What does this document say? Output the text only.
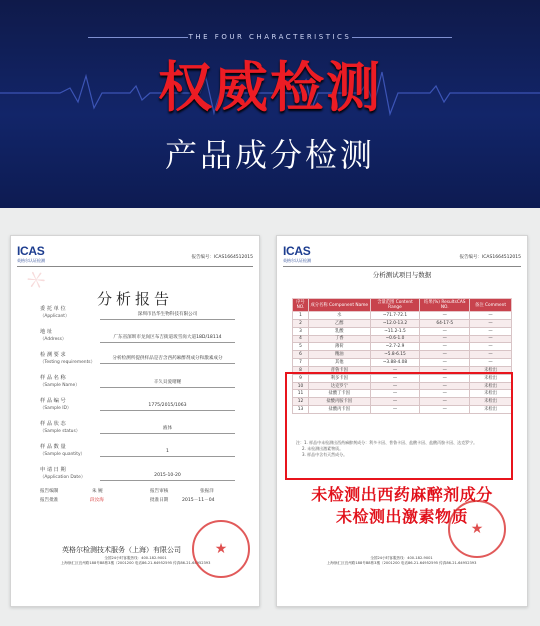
THE FOUR CHARACTERISTICS
权威检测
产品成分检测
ICAS
英格尔认证检测
报告编号：ICAS1664512015
＊
分析报告
委 托 单 位
（Applicant）	深圳市昌华生物科技有限公司
地 址
（Address）	广东省深圳市龙岗区布吉街道坂雪岗大道18D/18114
检 测 要 求
（Testing requirements）
分析检测所提供样品是否含西药麻醉剂成分和激素成分
样 品 名 称
（Sample Name）
辛久貝爱啫喱
样 品 编 号
（Sample ID）
1775/2015/1063
样 品 状 态
（Sample status）
液体
样 品 数 量
（Sample quantity）
1
申 请 日 期
（Application Date）	2015-10-20
报告编制	朱 婉	报告审核	张振洋
报告批准	段汝海	批准日期	2015－11－04
英格尔检测技术服务（上海）有限公司
全国24小时客服热线：400-182-9001
上海徐汇区宜州路188号B8栋3楼（2001200 电话86-21-64952595 传真86-21-64952393
★
ICAS
英格尔认证检测
报告编号：ICAS1664512015
分析测试项目与数据
序号 NO.	成分名称 Component Name	含量范围 Content Range	结果(%) ResultsCAS NO.	备注 Comment
1	水	~71.7-72.1	—	—
2	乙醇	~12.0-13.2	64-17-5	—
3	乳酸	~11.2-1.5	—	—
4	丁香	~0.6-1.0	—	—
5	薄荷	~2.7-2.9	—	—
6	精油	~5.8-6.15	—	—
7	其他	~3.88-4.08	—	—
8	普鲁卡因	—	—	未检出
9	利多卡因	—	—	未检出
10	达克罗宁	—	—	未检出
11	盐酸丁卡因	—	—	未检出
12	盐酸丙胺卡因	—	—	未检出
13	盐酸丙卡因	—	—	未检出
注：1. 样品中未检测出西药麻醉剂成分：利多卡因、普鲁卡因、盐酸卡因、盐酸丙胺卡因、达克罗宁。
2. 未检测出激素物质。
3. 样品中含有天然成分。
未检测出西药麻醉剂成分
未检测出激素物质
全国24小时客服热线：400-182-9001
上海徐汇区宜州路188号B8栋3楼（2001200 电话86-21-64952595 传真86-21-64952393
★
